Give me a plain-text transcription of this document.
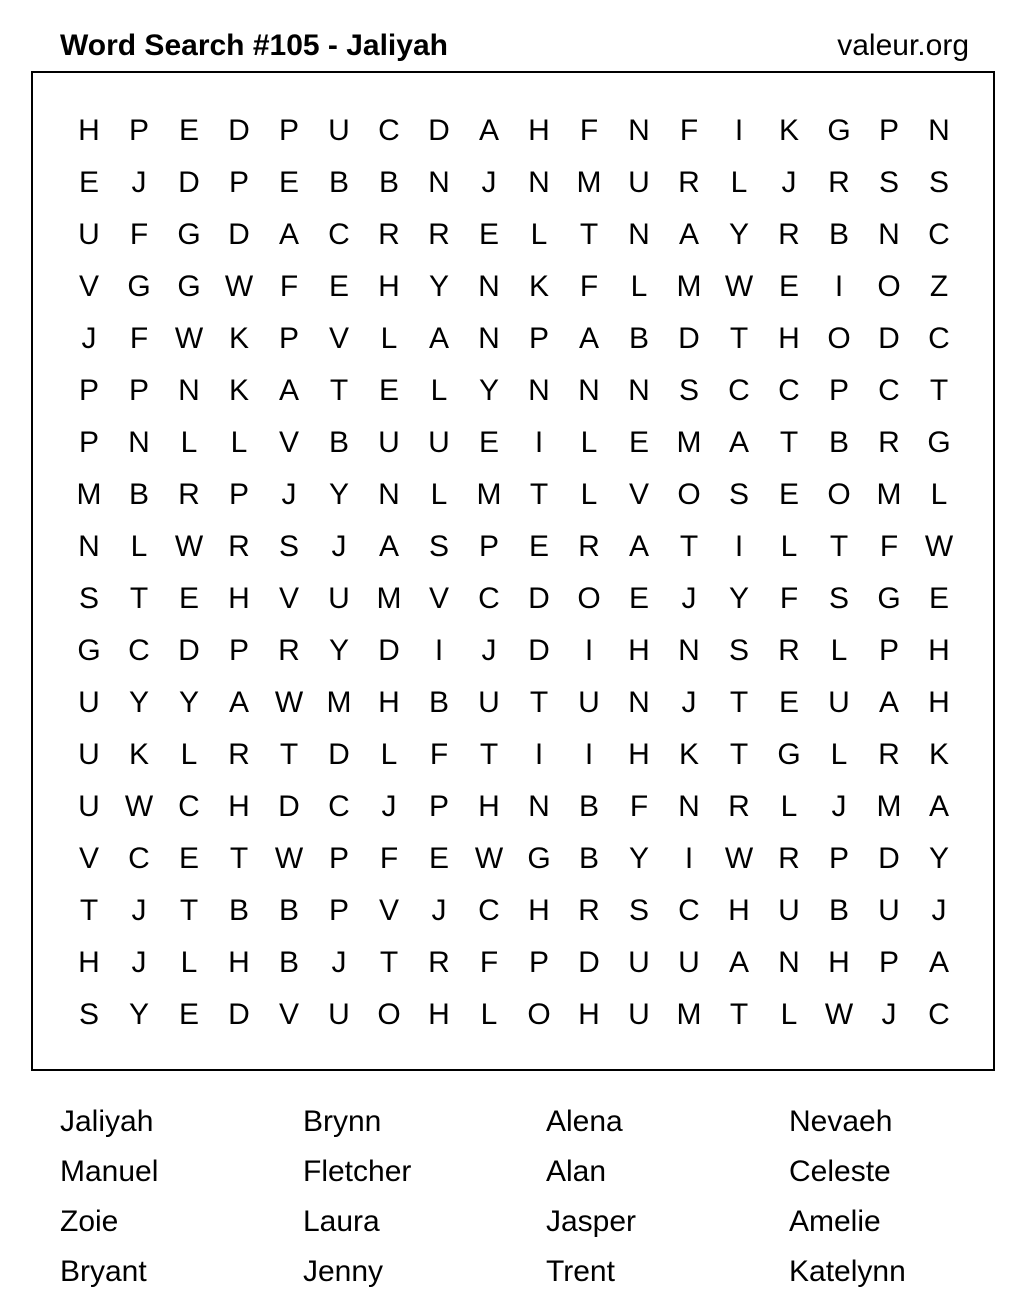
Word Search #105 - Jaliyah	valeur.org
H P E D P U C D A H	F	N	F	I	K G P N
E	J	D P E B B N	J	N M U R	L	J	R S S
U	F G D A C R R E	L	T	N A Y R B N C
V G G W F	E H Y N K	F	L M W E	I	O Z
J	F W K P V	L	A N P A B D	T	H O D C
P P N K A	T	E	L	Y N N N S C C P C	T
P N	L	L	V B U U E	I	L	E M A	T	B R G
M B R P	J	Y N	L M T	L	V O S E O M L
N	L W R S	J	A S P E R A	T	I	L	T	F W
S	T	E H V U M V C D O E	J	Y	F	S G E
G C D P R Y D	I	J	D	I	H N S R	L	P H
U Y Y A W M H B U	T	U N	J	T	E U A H
U K	L	R	T	D	L	F	T	I	I	H K	T G L	R K
U W C H D C	J	P H N B	F	N R	L	J	M A
V C E	T W P	F	E W G B Y	I	W R P D Y
T	J	T	B B P V	J	C H R S C H U B U	J
H	J	L	H B	J	T	R	F	P D U U A N H P A
S Y E D V U O H	L O H U M T	L W J	C
Jaliyah	Brynn	Alena	Nevaeh
Manuel	Fletcher	Alan	Celeste
Zoie	Laura	Jasper	Amelie
Bryant	Jenny	Trent	Katelynn
